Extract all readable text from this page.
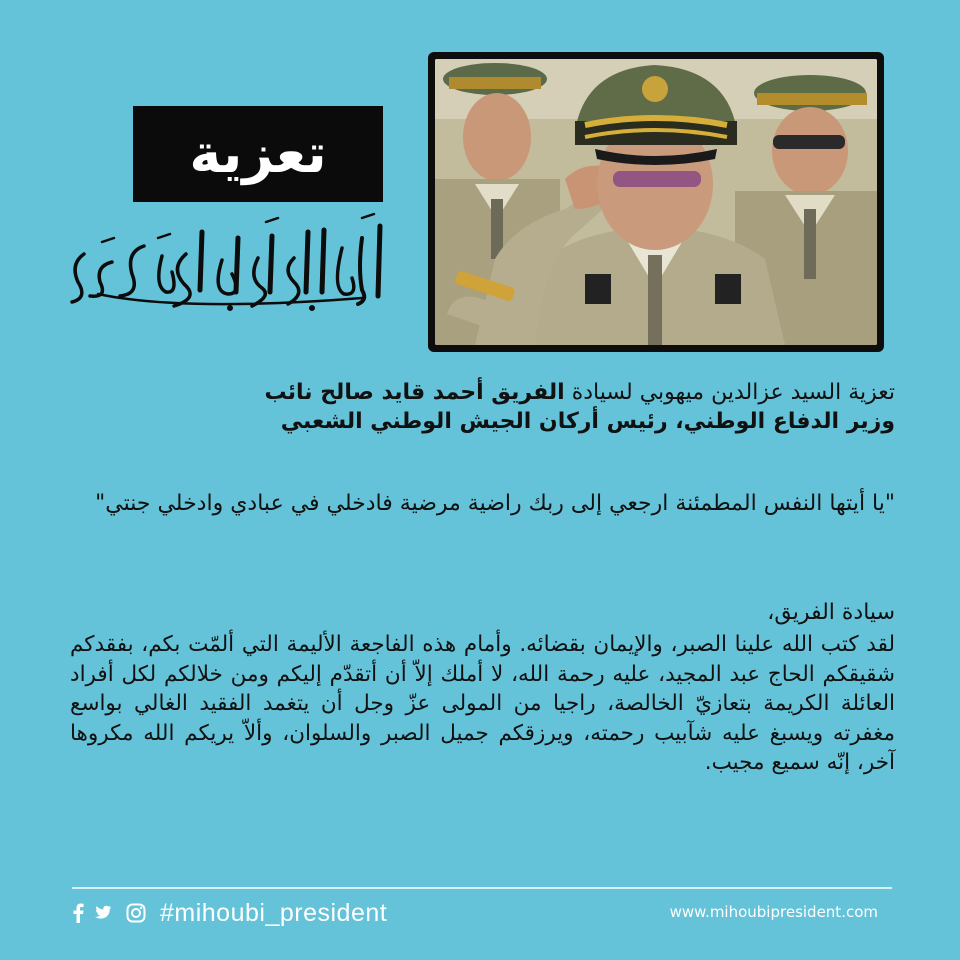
تعزية

تعزية السيد عزالدين ميهوبي لسيادة الفريق أحمد قايد صالح نائب

وزير الدفاع الوطني، رئيس أركان الجيش الوطني الشعبي

"يا أيتها النفس المطمئنة ارجعي إلى ربك راضية مرضية فادخلي في عبادي وادخلي جنتي"

سيادة الفريق،

لقد كتب الله علينا الصبر، والإيمان بقضائه. وأمام هذه الفاجعة الأليمة التي ألمّت بكم، بفقدكم شقيقكم الحاج عبد المجيد، عليه رحمة الله، لا أملك إلاّ أن أتقدّم إليكم ومن خلالكم لكل أفراد العائلة الكريمة بتعازيّ الخالصة، راجيا من المولى عزّ وجل أن يتغمد الفقيد الغالي بواسع مغفرته ويسبغ عليه شآبيب رحمته، ويرزقكم جميل الصبر والسلوان، وألاّ يريكم الله مكروها آخر، إنّه سميع مجيب.

#mihoubi_president	www.mihoubipresident.com
